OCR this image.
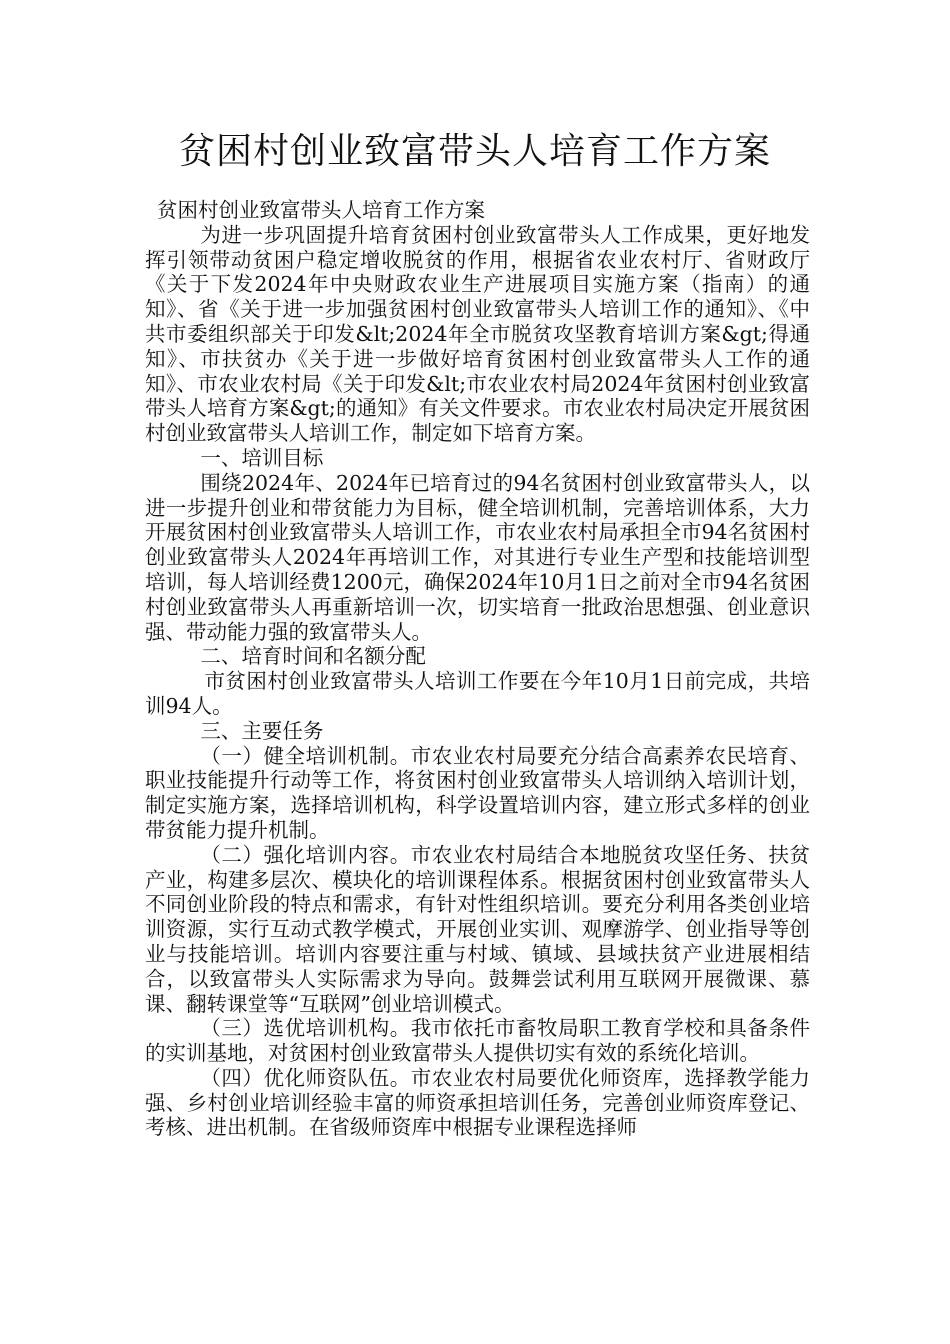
贫困村创业致富带头人培育工作方案

贫困村创业致富带头人培育工作方案

为进一步巩固提升培育贫困村创业致富带头人工作成果，更好地发挥引领带动贫困户稳定增收脱贫的作用，根据省农业农村厅、省财政厅《关于下发2024年中央财政农业生产进展项目实施方案（指南）的通知》、省《关于进一步加强贫困村创业致富带头人培训工作的通知》、《中共市委组织部关于印发&lt;2024年全市脱贫攻坚教育培训方案&gt;得通知》、市扶贫办《关于进一步做好培育贫困村创业致富带头人工作的通知》、市农业农村局《关于印发&lt;市农业农村局2024年贫困村创业致富带头人培育方案&gt;的通知》有关文件要求。市农业农村局决定开展贫困村创业致富带头人培训工作，制定如下培育方案。

一、培训目标

围绕2024年、2024年已培育过的94名贫困村创业致富带头人，以进一步提升创业和带贫能力为目标，健全培训机制，完善培训体系，大力开展贫困村创业致富带头人培训工作，市农业农村局承担全市94名贫困村创业致富带头人2024年再培训工作，对其进行专业生产型和技能培训型培训，每人培训经费1200元，确保2024年10月1日之前对全市94名贫困村创业致富带头人再重新培训一次，切实培育一批政治思想强、创业意识强、带动能力强的致富带头人。

二、培育时间和名额分配

市贫困村创业致富带头人培训工作要在今年10月1日前完成，共培训94人。

三、主要任务

（一）健全培训机制。市农业农村局要充分结合高素养农民培育、职业技能提升行动等工作，将贫困村创业致富带头人培训纳入培训计划，制定实施方案，选择培训机构，科学设置培训内容，建立形式多样的创业带贫能力提升机制。

（二）强化培训内容。市农业农村局结合本地脱贫攻坚任务、扶贫产业，构建多层次、模块化的培训课程体系。根据贫困村创业致富带头人不同创业阶段的特点和需求，有针对性组织培训。要充分利用各类创业培训资源，实行互动式教学模式，开展创业实训、观摩游学、创业指导等创业与技能培训。培训内容要注重与村域、镇域、县域扶贫产业进展相结合，以致富带头人实际需求为导向。鼓舞尝试利用互联网开展微课、慕课、翻转课堂等“互联网”创业培训模式。

（三）选优培训机构。我市依托市畜牧局职工教育学校和具备条件的实训基地，对贫困村创业致富带头人提供切实有效的系统化培训。

（四）优化师资队伍。市农业农村局要优化师资库，选择教学能力强、乡村创业培训经验丰富的师资承担培训任务，完善创业师资库登记、考核、进出机制。在省级师资库中根据专业课程选择师
